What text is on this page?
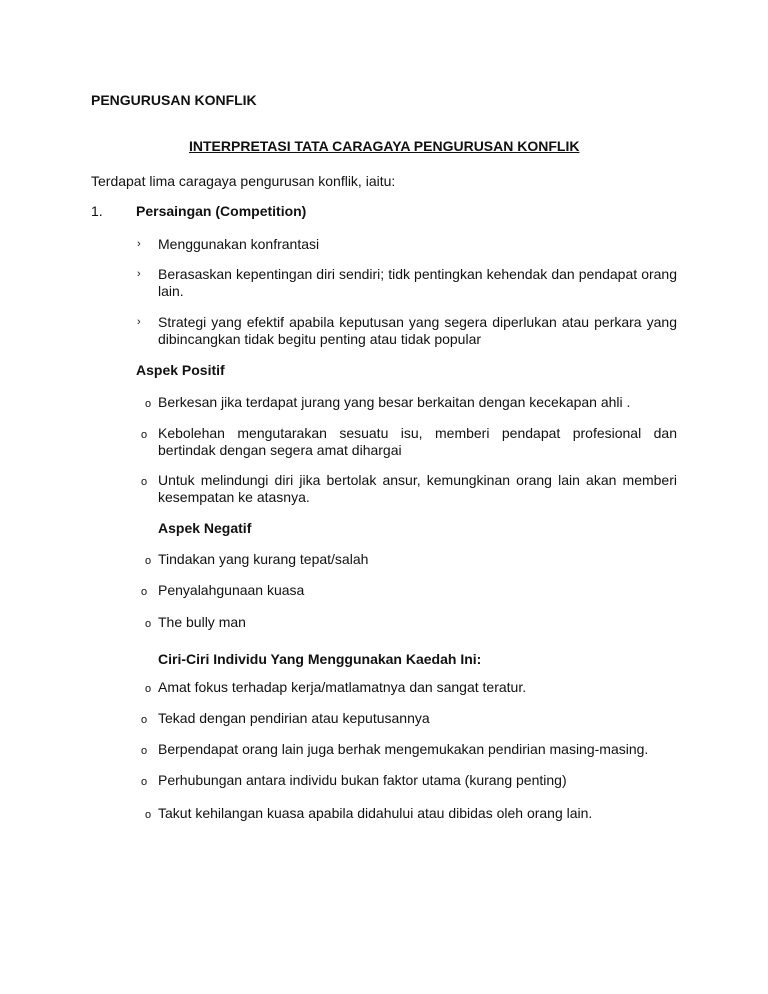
PENGURUSAN KONFLIK
INTERPRETASI TATA CARAGAYA PENGURUSAN KONFLIK
Terdapat lima caragaya pengurusan konflik, iaitu:
1. Persaingan (Competition)
› Menggunakan konfrantasi
› Berasaskan kepentingan diri sendiri; tidk pentingkan kehendak dan pendapat orang lain.
› Strategi yang efektif apabila keputusan yang segera diperlukan atau perkara yang dibincangkan tidak begitu penting atau tidak popular
Aspek Positif
o Berkesan jika terdapat jurang yang besar berkaitan dengan kecekapan ahli .
o Kebolehan mengutarakan sesuatu isu, memberi pendapat profesional dan bertindak dengan segera amat dihargai
o Untuk melindungi diri jika bertolak ansur, kemungkinan orang lain akan memberi kesempatan ke atasnya.
Aspek Negatif
o Tindakan yang kurang tepat/salah
o Penyalahgunaan kuasa
o The bully man
Ciri-Ciri Individu Yang Menggunakan Kaedah Ini:
o Amat fokus terhadap kerja/matlamatnya dan sangat teratur.
o Tekad dengan pendirian atau keputusannya
o Berpendapat orang lain juga berhak mengemukakan pendirian masing-masing.
o Perhubungan antara individu bukan faktor utama (kurang penting)
o Takut kehilangan kuasa apabila didahului atau dibidas oleh orang lain.
